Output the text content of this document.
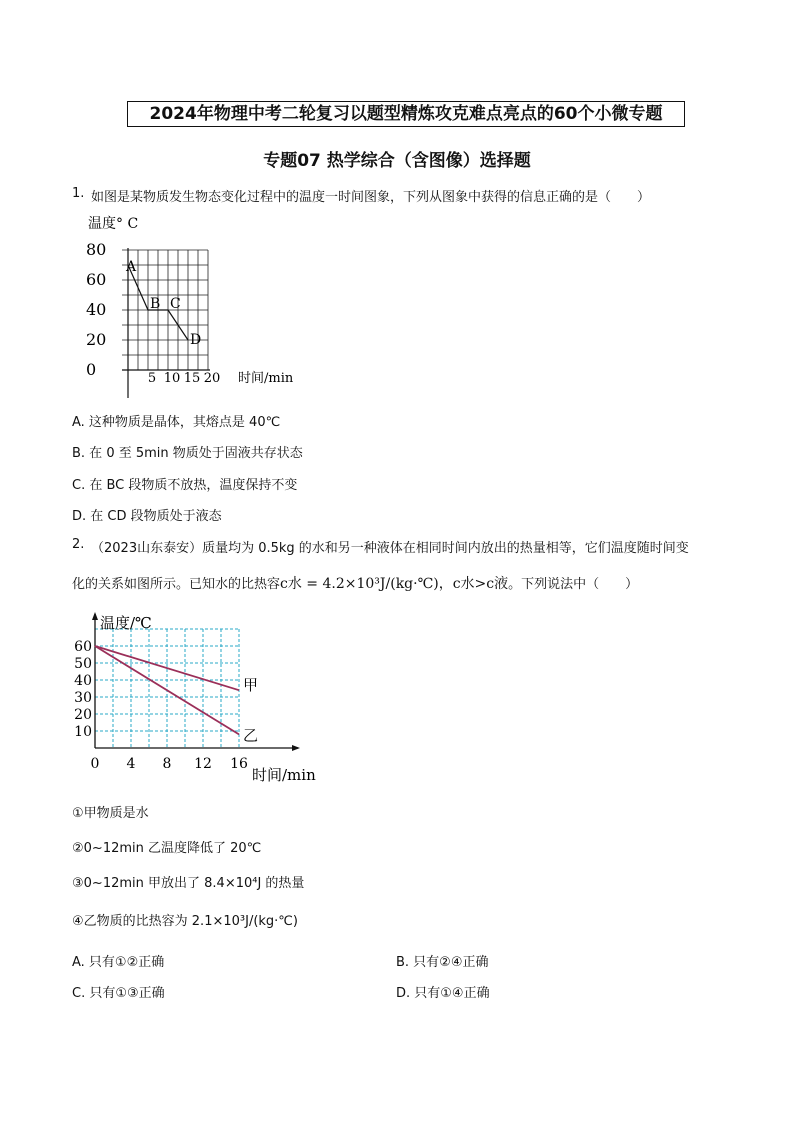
2024年物理中考二轮复习以题型精炼攻克难点亮点的60个小微专题
专题07 热学综合（含图像）选择题
1. 如图是某物质发生物态变化过程中的温度一时间图象，下列从图象中获得的信息正确的是（　　）
温度° C
时间/min
80
60
40
20
0	5 10 15 20
A
B C
D
A. 这种物质是晶体，其熔点是 40℃
B. 在 0 至 5min 物质处于固液共存状态
C. 在 BC 段物质不放热，温度保持不变
D. 在 CD 段物质处于液态
2. （2023山东泰安）质量均为 0.5kg 的水和另一种液体在相同时间内放出的热量相等，它们温度随时间变
化的关系如图所示。已知水的比热容c水 = 4.2×10³J/(kg·℃)，c水>c液。下列说法中（　　）
温度/℃
时间/min
60
50
40
30
20
10
0 4 8 12 16
甲
乙
①甲物质是水
②0~12min 乙温度降低了 20℃
③0~12min 甲放出了 8.4×10⁴J 的热量
④乙物质的比热容为 2.1×10³J/(kg·℃)
A. 只有①②正确	B. 只有②④正确
C. 只有①③正确	D. 只有①④正确
